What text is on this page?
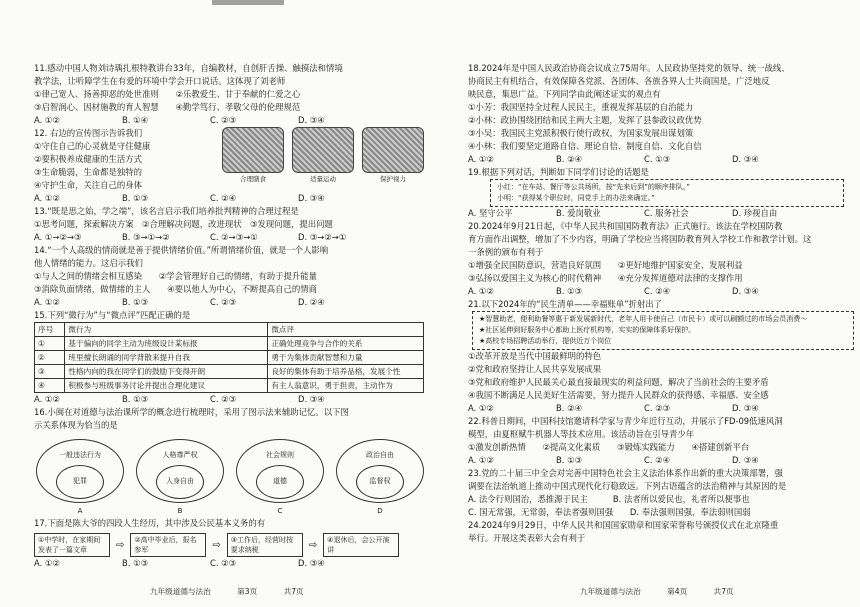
11.感动中国人物刘诗瑀扎根特教讲台33年，自编教材，自创肝舌操、触摸法和情境

教学法，让听障学生在有爱的环境中学会开口说话。这体现了刘老师

①律己宽人、扬善抑恶的处世准则　　②乐教爱生、甘于奉献的仁爱之心

③启智润心、因材施教的育人智慧　　④勤学笃行、孝敬父母的伦理规范

A. ①②	B. ①④	C. ②③	D. ③④

12. 右边的宣传图示告诉我们

①守住自己的心灵就是守住健康

②要积极养成健康的生活方式

③生命脆弱，生命都是独特的

④守护生命，关注自己的身体

合理膳食	适量运动	保护视力
A. ①②	B. ①③	C. ②④	D. ③④

13.“既是思之始，学之端”，该名言启示我们培养批判精神的合理过程是

①思考问题，探索解决方案　②合理解决问题，改进现状　③发现问题，提出问题

A. ①→②→③	B. ③→①→②	C. ②→③→①	D. ③→②→①

14.“一个人高级的情商就是善于提供情绪价值。”所谓情绪价值，就是一个人影响

他人情绪的能力。这启示我们

①与人之间的情绪会相互感染　　②学会管理好自己的情绪，有助于提升能量

③消除负面情绪，做情绪的主人　　④要以他人为中心，不断提高自己的情商

A. ①②	B. ①③	C. ②③	D. ②④

15.下列“微行为”与“微点评”匹配正确的是

序号	微行为	微点评
①	基于偏向的同学主动为班级设计某标报	正确处理竞争与合作的关系
②	班里擅长朗诵的同学背散来提升自我	勇于为集体贡献智慧和力量
③	性格内向的我在同学们的鼓励下变得开朗	良好的集体有助于培养品格，发展个性
④	积极参与班级事务讨论并提出合理化建议	有主人翁意识，勇于担责，主动作为
A. ①②	B. ①③	C. ②③	D. ③④

16.小闽在对道德与法治课所学的概念进行梳理时，采用了图示法来辅助记忆。以下图

示关系体现为恰当的是

一般违法行为
犯罪
A
人格尊严权
人身自由
B
社会规则
道德
C
政治自由
监督权
D

17.下面是陈大爷的四段人生经历，其中涉及公民基本义务的有

①中学时，在家期间发表了一篇文章	⇨	②高中毕业后，报名参军	⇨	③工作后，经营时按要求纳税	⇨	④退休后，会公开演讲
A. ①②	B. ①③	C. ②③	D. ③④
九年级道德与法治	第3页	共7页

18.2024年是中国人民政治协商会议成立75周年。人民政协坚持党的领导、统一战线、

协商民主有机结合，有效保障各党派、各团体、各族各界人士共商国是，广泛地反

映民意，集思广益。下列同学由此阐述证实的观点有

①小芳：我国坚持全过程人民民主，重视发挥基层的自治能力

②小林：政协围绕团结和民主两大主题，发挥了县参政议政优势

③小吴：我国民主党派积极行使行政权，为国家发展出谋划策

④小林：我们要坚定道路自信、理论自信、制度自信、文化自信

A. ①②	B. ②④	C. ①③	D. ③④

19.根据下列对话，判断如下同学们讨论的话题是

小红：“在车站、餐厅等公共场所，按“先来后到”的顺序排队。”
小明：“获得某个职位时，同党手上的办法来确定。”
A. 坚守公平	B. 爱岗敬业	C. 服务社会	D. 珍视自由

20.2024年9月21日起，《中华人民共和国国防教育法》正式施行。该法在学校国防教

育方面作出调整，增加了不少内容，明确了学校应当将国防教育列入学校工作和教学计划。这

一条例的颁布有利于

①增强全民国防意识，营造良好氛围　　②更好地维护国家安全、发展利益

③弘扬以爱国主义为核心的时代精神　　④充分发挥道德对法律的支撑作用

A. ①②	B. ①③	C. ②④	D. ③④

21.以下2024年的“民生清单——幸福账单”折射出了

★智慧助老，便利助餐等惠于新发展新时代，老年人用卡使自己（市民卡）或可以刷额过的市场会员消费～
★社区延伸到好服务中心都助上医疗机构等，实实的保障体系好保护。
★高校专场招聘活动举行，提供近万个岗位

①改革开放是当代中国最鲜明的特色

②党和政府坚持让人民共享发展成果

③党和政府维护人民最关心最直接最现实的利益问题，解决了当前社会的主要矛盾

④我国不断满足人民美好生活需要，努力提升人民群众的获得感、幸福感、安全感

A. ①②	B. ②④	C. ②③	D. ③④

22.科普日期间，中国科技馆邀请科学家与青少年近行互动，并展示了FD-09低速风洞

模型，由夏枢赋牛机器人等技术应用。该活动旨在引导青少年

①激发创新热情　　②提高文化素质　　③锻炼实践能力　　④搭建创新平台

A. ①②	B. ①③	C. ②④	D. ③④

23.党的二十届三中全会对完善中国特色社会主义法治体系作出新的重大决策部署，强

调要在法治轨道上推动中国式现代化行稳致远。下列古语蕴含的法治精神与其原因的是

A. 法令行则国治，悉推源于民主　　　B. 法者所以爱民也，礼者所以便事也

C. 国无常强，无常弱，奉法者强则国强　　D. 奉法强则国强，奉法弱则国弱

24.2024年9月29日，中华人民共和国国家勋章和国家荣誉称号颁授仪式在北京隆重

举行。开展这类表彰大会有利于

九年级道德与法治	第4页	共7页
